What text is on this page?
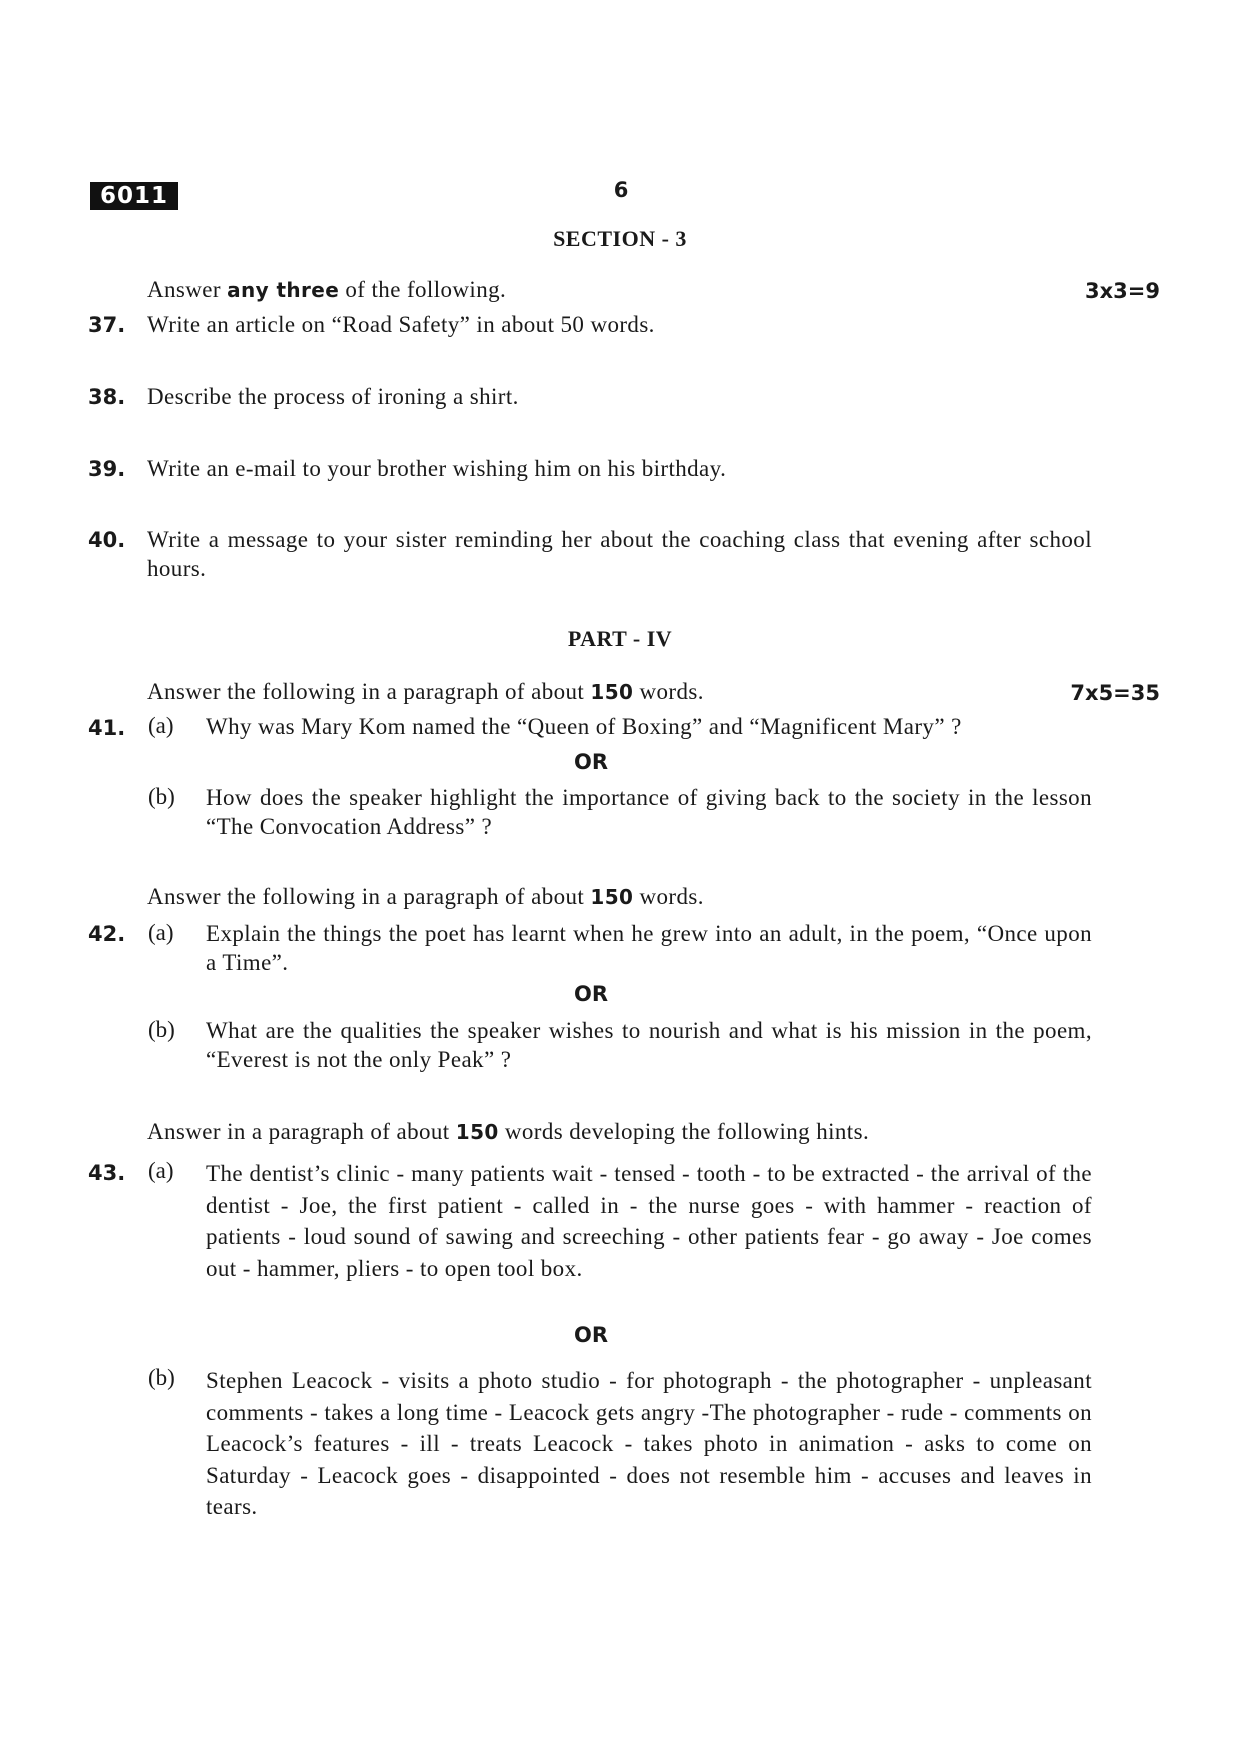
6011	6
SECTION - 3
Answer any three of the following.	3x3=9
37. Write an article on “Road Safety” in about 50 words.
38. Describe the process of ironing a shirt.
39. Write an e-mail to your brother wishing him on his birthday.
40. Write a message to your sister reminding her about the coaching class that evening after school hours.
PART - IV
Answer the following in a paragraph of about 150 words.	7x5=35
41. (a) Why was Mary Kom named the “Queen of Boxing” and “Magnificent Mary” ?
OR
(b) How does the speaker highlight the importance of giving back to the society in the lesson “The Convocation Address” ?
Answer the following in a paragraph of about 150 words.
42. (a) Explain the things the poet has learnt when he grew into an adult, in the poem, “Once upon a Time”.
OR
(b) What are the qualities the speaker wishes to nourish and what is his mission in the poem, “Everest is not the only Peak” ?
Answer in a paragraph of about 150 words developing the following hints.
43. (a) The dentist’s clinic - many patients wait - tensed - tooth - to be extracted - the arrival of the dentist - Joe, the first patient - called in - the nurse goes - with hammer - reaction of patients - loud sound of sawing and screeching - other patients fear - go away - Joe comes out - hammer, pliers - to open tool box.
OR
(b) Stephen Leacock - visits a photo studio - for photograph - the photographer - unpleasant comments - takes a long time - Leacock gets angry -The photographer - rude - comments on Leacock’s features - ill - treats Leacock - takes photo in animation - asks to come on Saturday - Leacock goes - disappointed - does not resemble him - accuses and leaves in tears.
